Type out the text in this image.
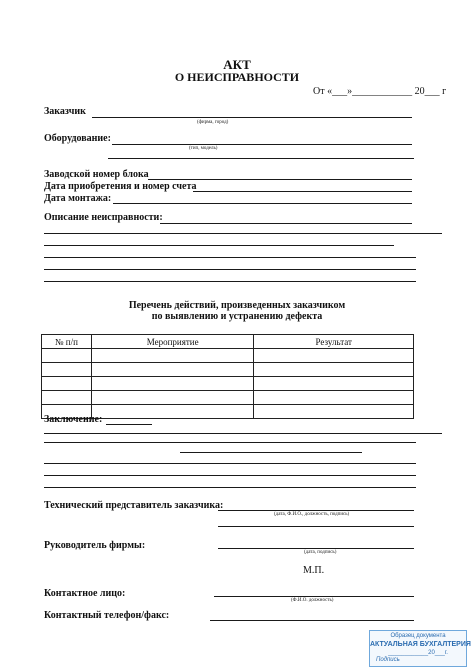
АКТ
О НЕИСПРАВНОСТИ
От «___»____________ 20___ г
Заказчик
(фирма, город)
Оборудование:
(тип, модель)
Заводской номер блока
Дата приобретения и номер счета
Дата монтажа:
Описание неисправности:
Перечень действий, произведенных заказчиком
по выявлению и устранению дефекта
№ п/п	Мероприятие	Результат

Заключение:
Технический представитель заказчика:
(дата, Ф.И.О., должность, подпись)
Руководитель фирмы:
(дата, подпись)
М.П.
Контактное лицо:
(Ф.И.О. должность)
Контактный телефон/факс:
Образец документа
АКТУАЛЬНАЯ БУХГАЛТЕРИЯ
____________20___г.
Подпись
